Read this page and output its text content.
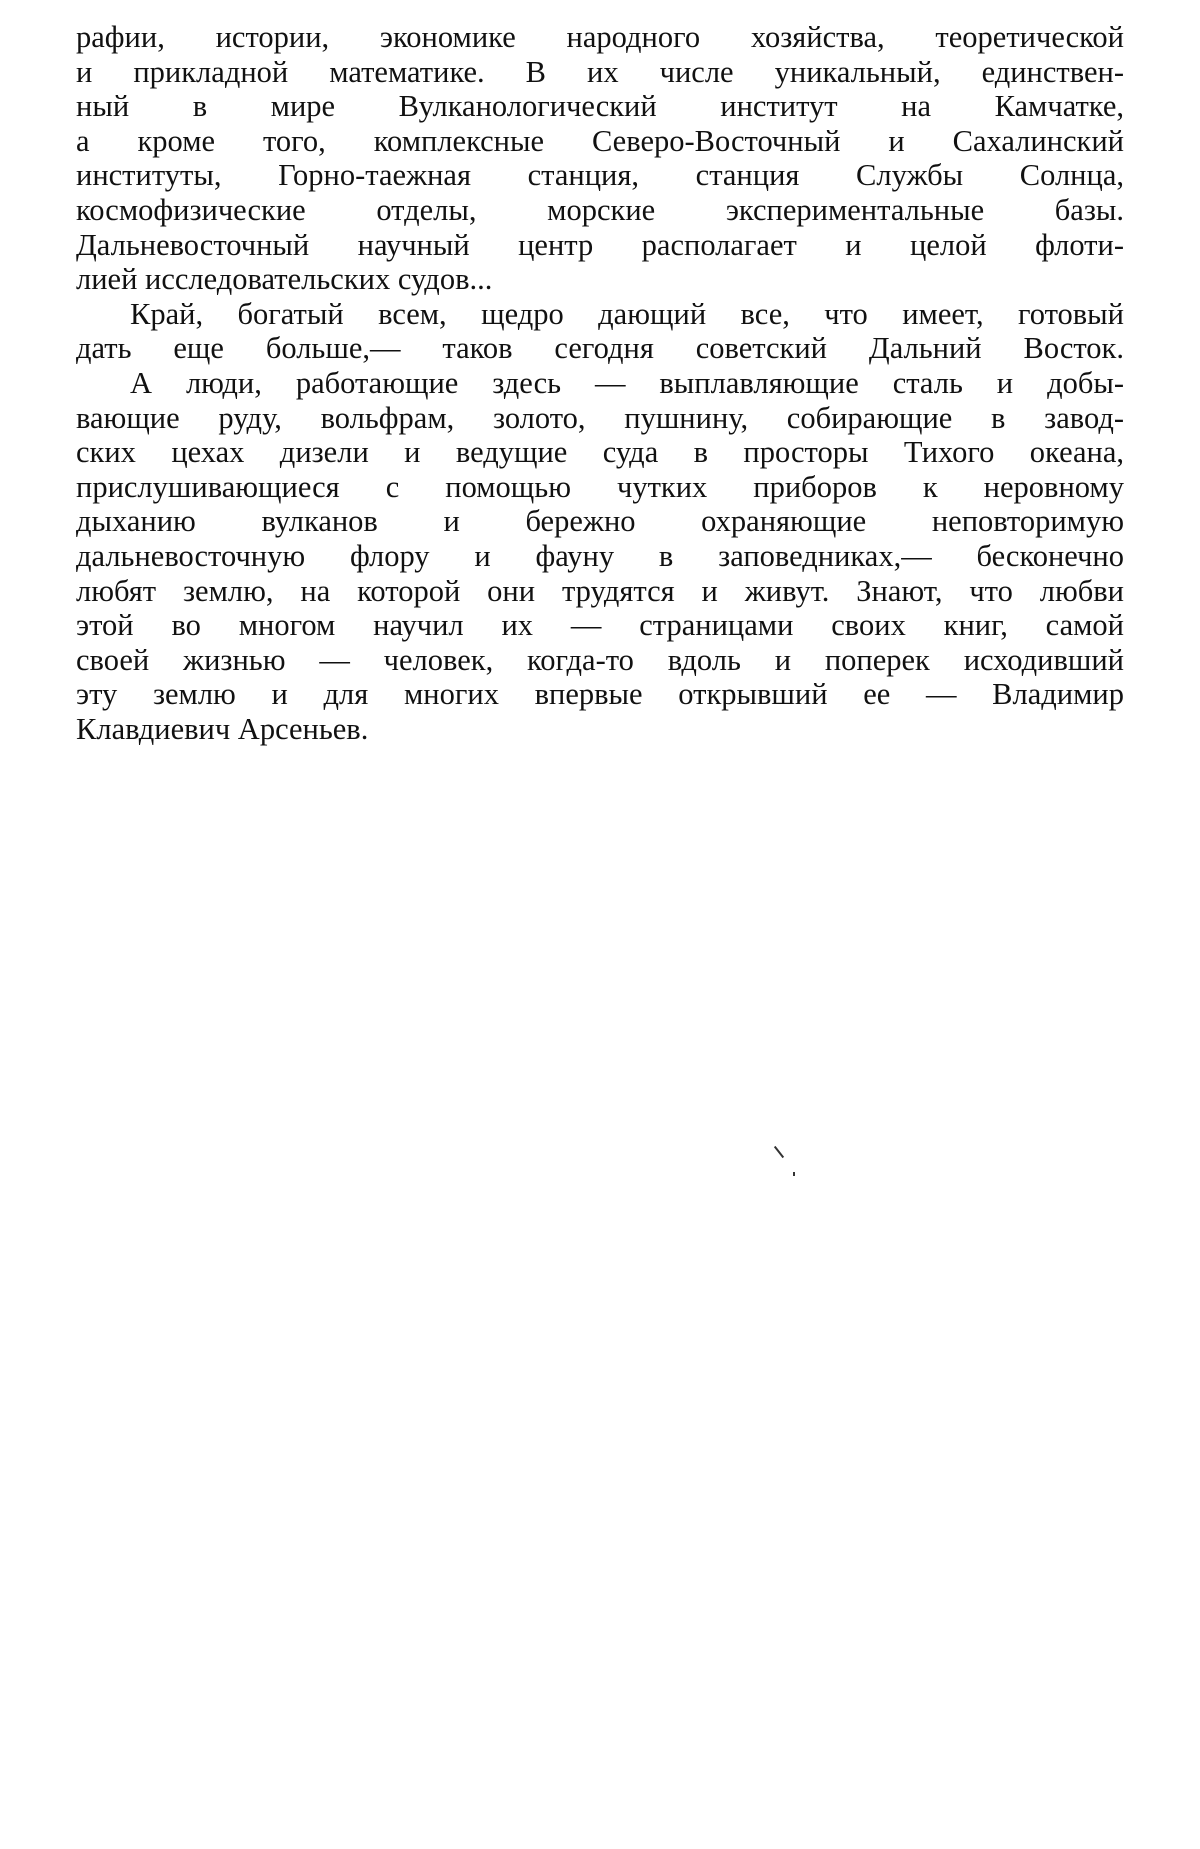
рафии, истории, экономике народного хозяйства, теоретической
и прикладной математике. В их числе уникальный, единствен-
ный в мире Вулканологический институт на Камчатке,
а кроме того, комплексные Северо-Восточный и Сахалинский
институты, Горно-таежная станция, станция Службы Солнца,
космофизические отделы, морские экспериментальные базы.
Дальневосточный научный центр располагает и целой флоти-
лией исследовательских судов...
Край, богатый всем, щедро дающий все, что имеет, готовый
дать еще больше,— таков сегодня советский Дальний Восток.
А люди, работающие здесь — выплавляющие сталь и добы-
вающие руду, вольфрам, золото, пушнину, собирающие в завод-
ских цехах дизели и ведущие суда в просторы Тихого океана,
прислушивающиеся с помощью чутких приборов к неровному
дыханию вулканов и бережно охраняющие неповторимую
дальневосточную флору и фауну в заповедниках,— бесконечно
любят землю, на которой они трудятся и живут. Знают, что любви
этой во многом научил их — страницами своих книг, самой
своей жизнью — человек, когда-то вдоль и поперек исходивший
эту землю и для многих впервые открывший ее — Владимир
Клавдиевич Арсеньев.
